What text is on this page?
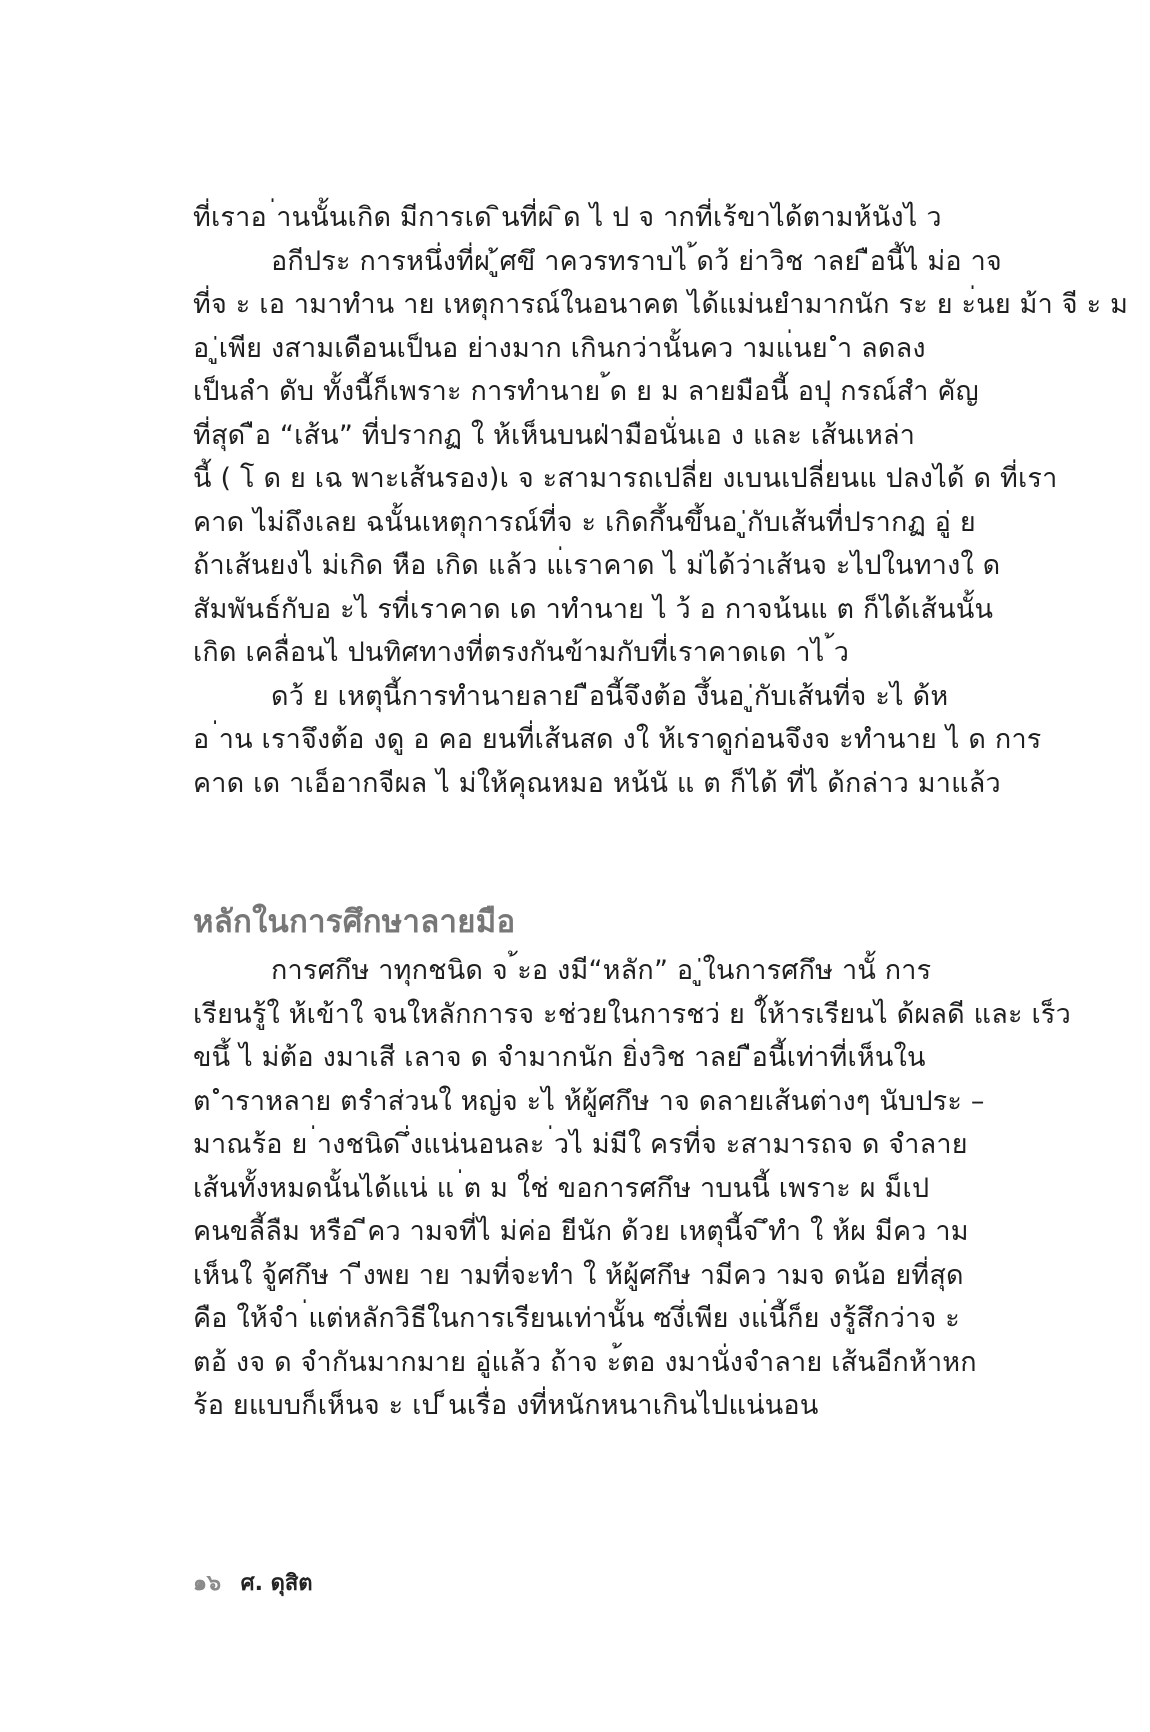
ที่เราอ ่านนั้นเกิด มีการเด ินที่ผ ิด ไ ป จ ากที่เร้ขาได้ตามห้นังไ ว

อกีประ การหนึ่งที่ผ ู้ศขึ าควรทราบไ ้ดว้ ย่าวิช าลย ือนี้ไ ม่อ าจ
ที่จ ะ เอ ามาทำน าย เหตุการณ์ในอนาคต ได้แม่นยำมากนัก ระ ย ะ่นย ม้า จี ะ ม
อ ู่เพีย งสามเดือนเป็นอ ย่างมาก เกินกว่านั้นคว ามแ่นย ำ ลดลง
เป็นลำ ดับ ทั้งนี้ก็เพราะ การทำนาย ้ด ย ม ลายมือนี้ อปุ กรณ์สำ คัญ
ที่สุด ือ “เส้น” ที่ปรากฏ ใ ห้เห็นบนฝ่ามือนั่นเอ ง และ เส้นเหล่า
นี้ ( โ ด ย เฉ พาะเส้นรอง)เ จ ะสามารถเปลี่ย งเบนเปลี่ยนแ ปลงได้ ด ที่เรา
คาด ไม่ถึงเลย ฉนั้นเหตุการณ์ที่จ ะ เกิดกึ้นขึ้นอ ู่กับเส้นที่ปรากฏ อู่ ย
ถ้าเส้นยงไ ม่เกิด หือ เกิด แล้ว แ่เราคาด ไ ม่ได้ว่าเส้นจ ะไปในทางใ ด
สัมพันธ์กับอ ะไ รที่เราคาด เด าทำนาย ไ ว้ อ กาจน้นแ ต ก็ได้เส้นนั้น
เกิด เคลื่อนไ ปนทิศทางที่ตรงกันข้ามกับที่เราคาดเด าไ ้ว

ดว้ ย เหตุนี้การทำนายลาย ือนี้จึงต้อ งึ้นอ ู่กับเส้นที่จ ะไ ด้ห
อ ่าน เราจึงต้อ งดู อ คอ ยนที่เส้นสด งใ ห้เราดูก่อนจึงจ ะทำนาย ไ ด การ
คาด เด าเอ็อากจีผล ไ ม่ให้คุณหมอ หน้นั แ ต ก็ได้ ที่ไ ด้กล่าว มาแล้ว

หลักในการศึกษาลายมือ

การศกึษ าทุกชนิด จ ้ะอ งมี“หลัก” อ ู่ในการศกึษ านั้ การ
เรียนรู้ใ ห้เข้าใ จนใหลักการจ ะช่วยในการชว่ ย ใ้ห้ารเรียนไ ด้ผลดี และ เร็ว
ขนึ้ ไ ม่ต้อ งมาเสี เลาจ ด จำมากนัก ยิ่งวิช าลย ือนี้เท่าที่เห็นใน
ต ำราหลาย ตรำส่วนใ หญ่จ ะไ ห้ผู้ศกึษ าจ ดลายเส้นต่างๆ นับประ –
มาณร้อ ย ่างชนิด ึ่งแน่นอนละ ่วไ ม่มีใ ครที่จ ะสามารถจ ด จำลาย
เส้นทั้งหมดนั้นได้แน่ แ ่ต ม ใ่ช่ ขอการศกึษ าบนนี้ เพราะ ผ ม็เป
คนขลี้ลืม หรือ ีคว ามจที่ไ ม่ค่อ ยีนัก ด้วย เหตุนี้จ ึทำ ใ ห้ผ มีคว าม
เห็นใ จู้ศกึษ า ีงพย าย ามที่จะทำ ใ ห้ผู้ศกึษ ามีคว ามจ ดน้อ ยที่สุด
คือ ให้จำ ่แต่หลักวิธีในการเรียนเท่านั้น ซงึ่เพีย งแ่นี้ก็ย งรู้สึกว่าจ ะ
ตอ้ งจ ด จำกันมากมาย อู่แล้ว ถ้าจ ะ้ตอ งมานั่งจำลาย เส้นอีกห้าหก
ร้อ ยแบบก็เห็นจ ะ เป ็นเรื่อ งที่หนักหนาเกินไปแน่นอน

๑๖ ศ. ดุสิต
